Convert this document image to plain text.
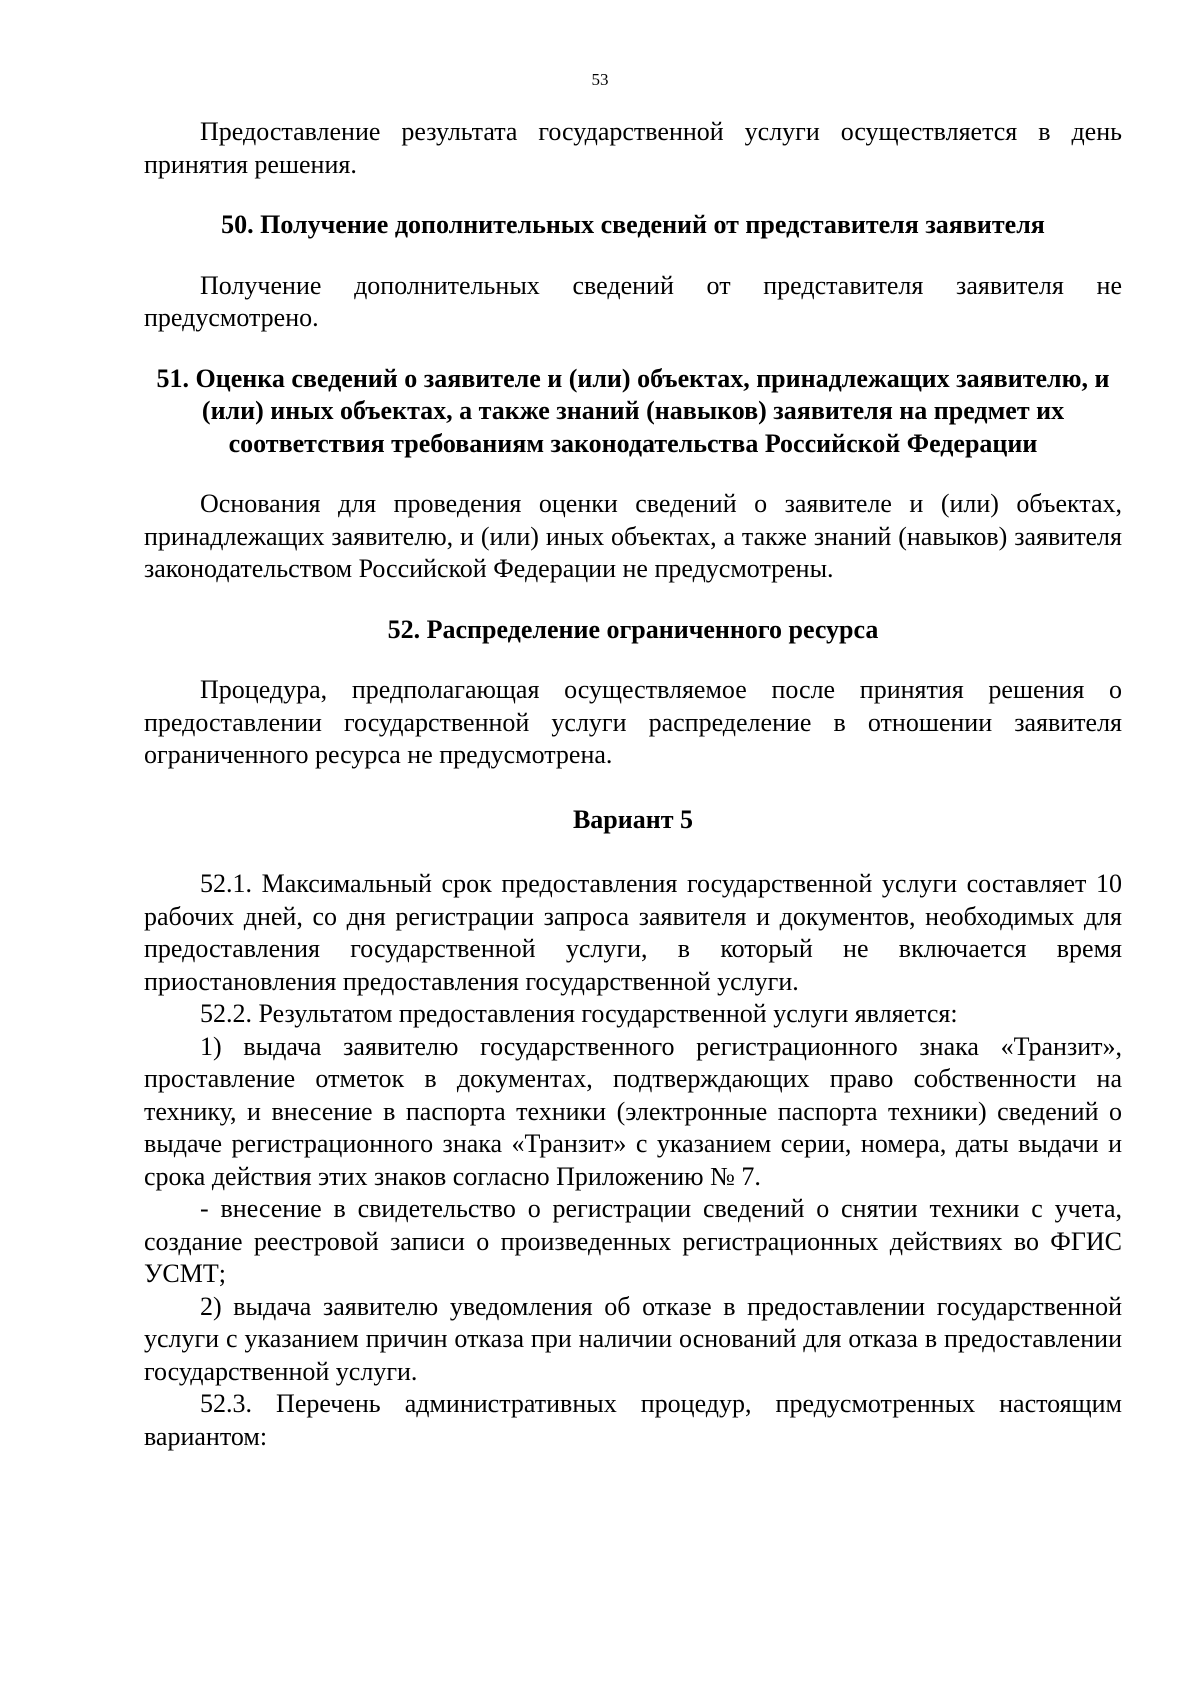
53

Предоставление результата государственной услуги осуществляется в день принятия решения.

50. Получение дополнительных сведений от представителя заявителя

Получение дополнительных сведений от представителя заявителя не предусмотрено.

51. Оценка сведений о заявителе и (или) объектах, принадлежащих заявителю, и (или) иных объектах, а также знаний (навыков) заявителя на предмет их соответствия требованиям законодательства Российской Федерации

Основания для проведения оценки сведений о заявителе и (или) объектах, принадлежащих заявителю, и (или) иных объектах, а также знаний (навыков) заявителя законодательством Российской Федерации не предусмотрены.

52. Распределение ограниченного ресурса

Процедура, предполагающая осуществляемое после принятия решения о предоставлении государственной услуги распределение в отношении заявителя ограниченного ресурса не предусмотрена.

Вариант 5

52.1. Максимальный срок предоставления государственной услуги составляет 10 рабочих дней, со дня регистрации запроса заявителя и документов, необходимых для предоставления государственной услуги, в который не включается время приостановления предоставления государственной услуги.

52.2. Результатом предоставления государственной услуги является:

1) выдача заявителю государственного регистрационного знака «Транзит», проставление отметок в документах, подтверждающих право собственности на технику, и внесение в паспорта техники (электронные паспорта техники) сведений о выдаче регистрационного знака «Транзит» с указанием серии, номера, даты выдачи и срока действия этих знаков согласно Приложению № 7.

- внесение в свидетельство о регистрации сведений о снятии техники с учета, создание реестровой записи о произведенных регистрационных действиях во ФГИС УСМТ;

2) выдача заявителю уведомления об отказе в предоставлении государственной услуги с указанием причин отказа при наличии оснований для отказа в предоставлении государственной услуги.

52.3. Перечень административных процедур, предусмотренных настоящим вариантом:
